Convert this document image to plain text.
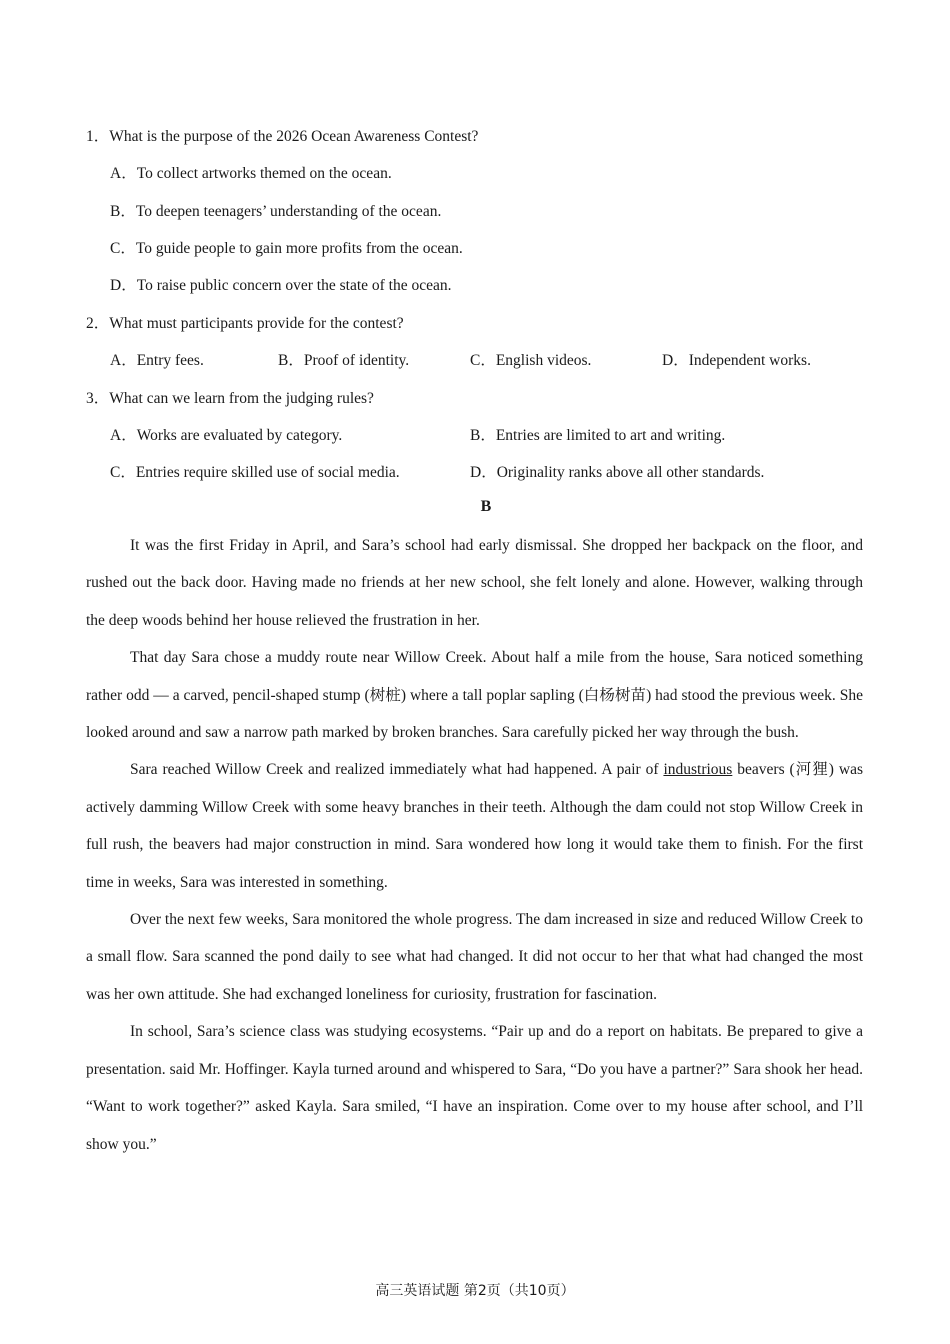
1．What is the purpose of the 2026 Ocean Awareness Contest?
A．To collect artworks themed on the ocean.
B．To deepen teenagers’ understanding of the ocean.
C．To guide people to gain more profits from the ocean.
D．To raise public concern over the state of the ocean.
2．What must participants provide for the contest?
A．Entry fees.	B．Proof of identity.	C．English videos.	D．Independent works.
3．What can we learn from the judging rules?
A．Works are evaluated by category.	B．Entries are limited to art and writing.
C．Entries require skilled use of social media.	D．Originality ranks above all other standards.
B

It was the first Friday in April, and Sara’s school had early dismissal. She dropped her backpack on the floor, and rushed out the back door. Having made no friends at her new school, she felt lonely and alone. However, walking through the deep woods behind her house relieved the frustration in her.

That day Sara chose a muddy route near Willow Creek. About half a mile from the house, Sara noticed something rather odd — a carved, pencil-shaped stump (树桩) where a tall poplar sapling (白杨树苗) had stood the previous week. She looked around and saw a narrow path marked by broken branches. Sara carefully picked her way through the bush.

Sara reached Willow Creek and realized immediately what had happened. A pair of industrious beavers (河狸) was actively damming Willow Creek with some heavy branches in their teeth. Although the dam could not stop Willow Creek in full rush, the beavers had major construction in mind. Sara wondered how long it would take them to finish. For the first time in weeks, Sara was interested in something.

Over the next few weeks, Sara monitored the whole progress. The dam increased in size and reduced Willow Creek to a small flow. Sara scanned the pond daily to see what had changed. It did not occur to her that what had changed the most was her own attitude. She had exchanged loneliness for curiosity, frustration for fascination.

In school, Sara’s science class was studying ecosystems. “Pair up and do a report on habitats. Be prepared to give a presentation. said Mr. Hoffinger. Kayla turned around and whispered to Sara, “Do you have a partner?” Sara shook her head. “Want to work together?” asked Kayla. Sara smiled, “I have an inspiration. Come over to my house after school, and I’ll show you.”

高三英语试题 第2页（共10页）
